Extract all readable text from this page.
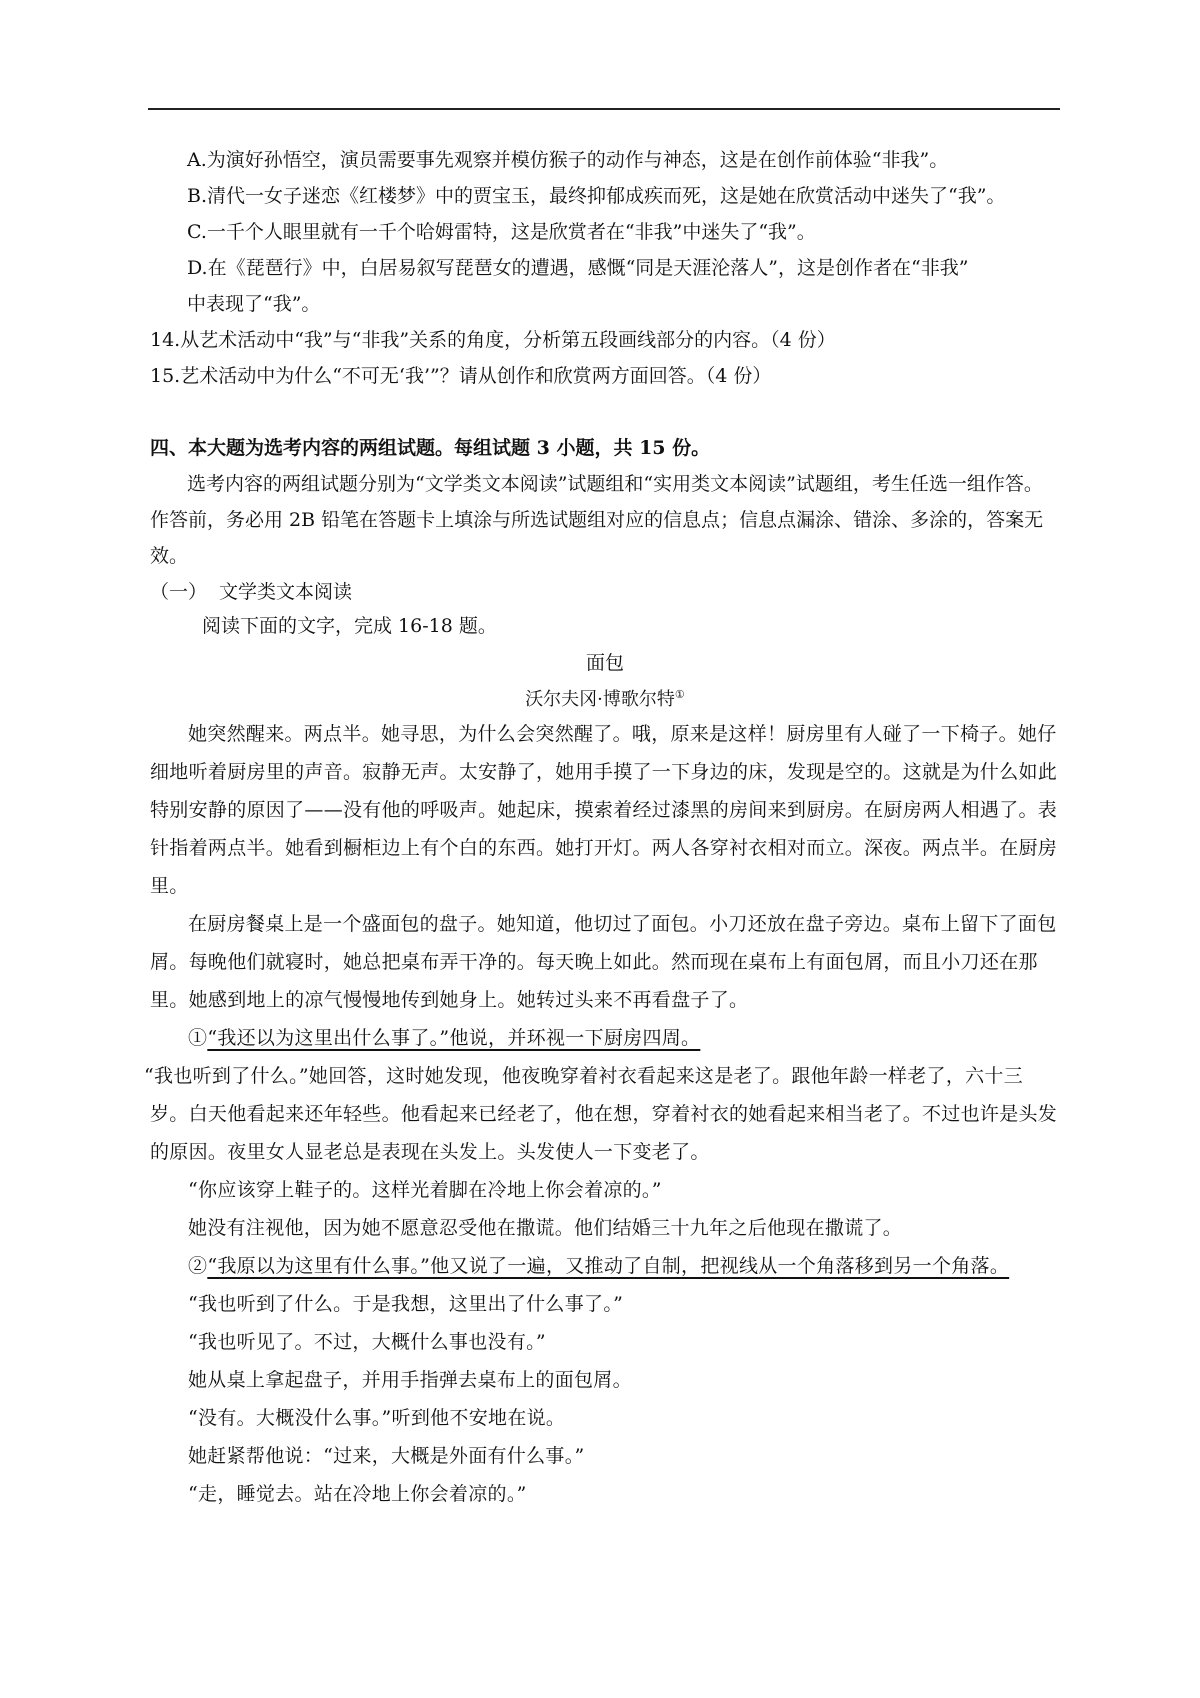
A.为演好孙悟空，演员需要事先观察并模仿猴子的动作与神态，这是在创作前体验“非我”。

B.清代一女子迷恋《红楼梦》中的贾宝玉，最终抑郁成疾而死，这是她在欣赏活动中迷失了“我”。

C.一千个人眼里就有一千个哈姆雷特，这是欣赏者在“非我”中迷失了“我”。

D.在《琵琶行》中，白居易叙写琵琶女的遭遇，感慨“同是天涯沦落人”，这是创作者在“非我”

中表现了“我”。

14.从艺术活动中“我”与“非我”关系的角度，分析第五段画线部分的内容。（4 份）

15.艺术活动中为什么“不可无‘我’”？请从创作和欣赏两方面回答。（4 份）

四、本大题为选考内容的两组试题。每组试题 3 小题，共 15 份。

选考内容的两组试题分别为“文学类文本阅读”试题组和“实用类文本阅读”试题组，考生任选一组作答。作答前，务必用 2B 铅笔在答题卡上填涂与所选试题组对应的信息点；信息点漏涂、错涂、多涂的，答案无效。

（一） 文学类文本阅读

阅读下面的文字，完成 16-18 题。

面包

沃尔夫冈·博歌尔特①

她突然醒来。两点半。她寻思，为什么会突然醒了。哦，原来是这样！厨房里有人碰了一下椅子。她仔细地听着厨房里的声音。寂静无声。太安静了，她用手摸了一下身边的床，发现是空的。这就是为什么如此特别安静的原因了——没有他的呼吸声。她起床，摸索着经过漆黑的房间来到厨房。在厨房两人相遇了。表针指着两点半。她看到橱柜边上有个白的东西。她打开灯。两人各穿衬衣相对而立。深夜。两点半。在厨房里。

在厨房餐桌上是一个盛面包的盘子。她知道，他切过了面包。小刀还放在盘子旁边。桌布上留下了面包屑。每晚他们就寝时，她总把桌布弄干净的。每天晚上如此。然而现在桌布上有面包屑，而且小刀还在那里。她感到地上的凉气慢慢地传到她身上。她转过头来不再看盘子了。

①“我还以为这里出什么事了。”他说，并环视一下厨房四周。

“我也听到了什么。”她回答，这时她发现，他夜晚穿着衬衣看起来这是老了。跟他年龄一样老了，六十三岁。白天他看起来还年轻些。他看起来已经老了，他在想，穿着衬衣的她看起来相当老了。不过也许是头发的原因。夜里女人显老总是表现在头发上。头发使人一下变老了。

“你应该穿上鞋子的。这样光着脚在冷地上你会着凉的。”

她没有注视他，因为她不愿意忍受他在撒谎。他们结婚三十九年之后他现在撒谎了。

②“我原以为这里有什么事。”他又说了一遍，又推动了自制，把视线从一个角落移到另一个角落。

“我也听到了什么。于是我想，这里出了什么事了。”

“我也听见了。不过，大概什么事也没有。”

她从桌上拿起盘子，并用手指弹去桌布上的面包屑。

“没有。大概没什么事。”听到他不安地在说。

她赶紧帮他说：“过来，大概是外面有什么事。”

“走，睡觉去。站在冷地上你会着凉的。”
